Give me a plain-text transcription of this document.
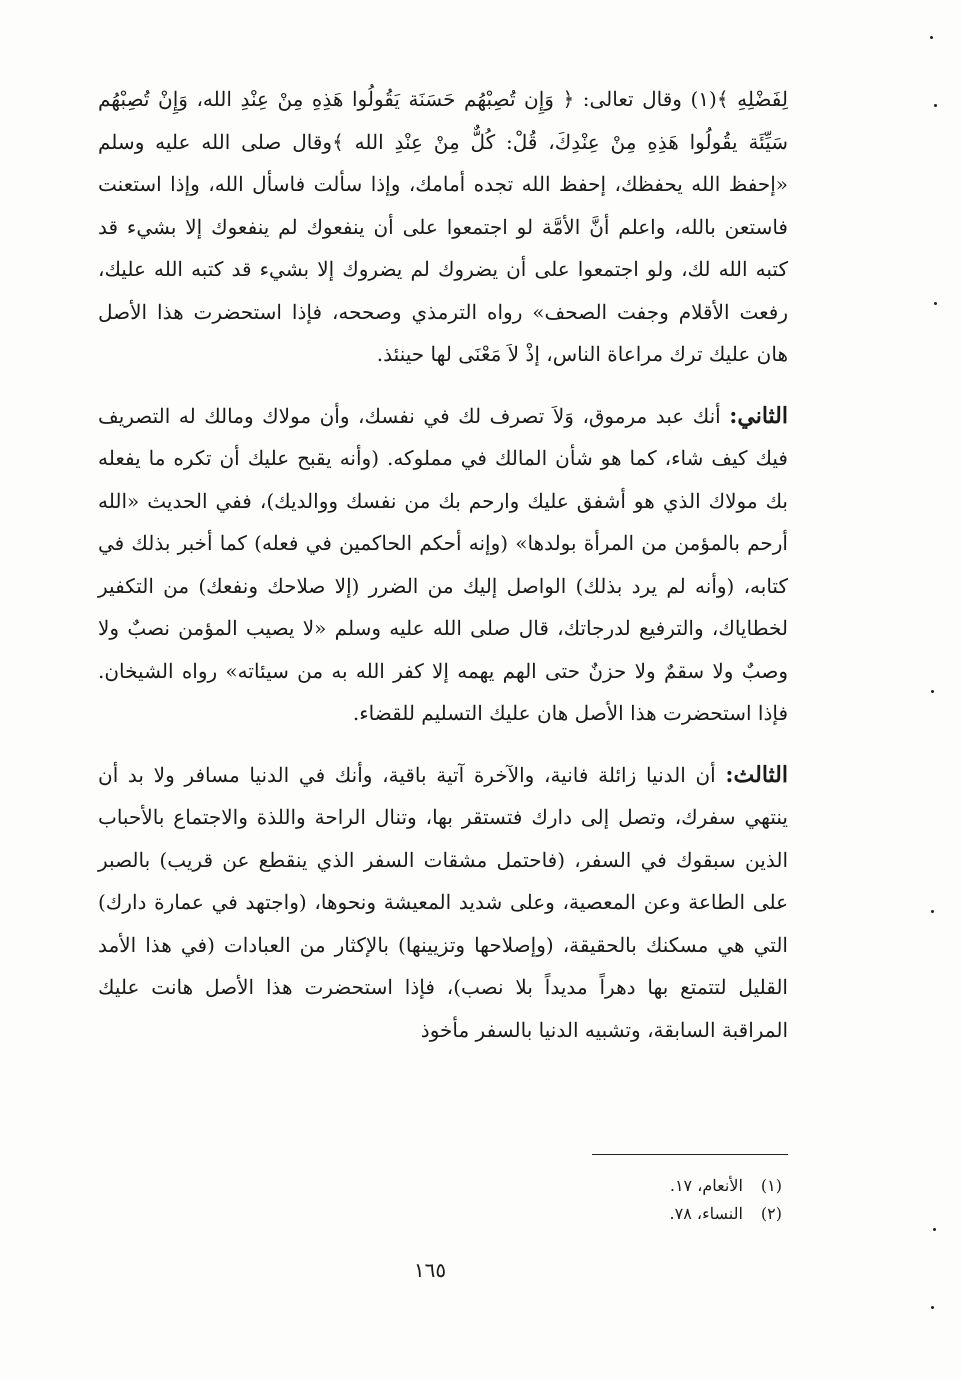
لِفَضْلِهِ ﴾(١) وقال تعالى: ﴿ وَإِن تُصِبْهُم حَسَنَة يَقُولُوا هَذِهِ مِنْ عِنْدِ الله، وَإِنْ تُصِبْهُم سَيِّئَة يقُولُوا هَذِهِ مِنْ عِنْدِكَ، قُلْ: كُلٌّ مِنْ عِنْدِ الله ﴾وقال صلى الله عليه وسلم «إحفظ الله يحفظك، إحفظ الله تجده أمامك، وإذا سألت فاسأل الله، وإذا استعنت فاستعن بالله، واعلم أنَّ الأمَّة لو اجتمعوا على أن ينفعوك لم ينفعوك إلا بشيء قد كتبه الله لك، ولو اجتمعوا على أن يضروك لم يضروك إلا بشيء قد كتبه الله عليك، رفعت الأقلام وجفت الصحف» رواه الترمذي وصححه، فإذا استحضرت هذا الأصل هان عليك ترك مراعاة الناس، إذْ لاَ مَعْنَى لها حينئذ.

الثاني: أنك عبد مرموق، وَلاَ تصرف لك في نفسك، وأن مولاك ومالك له التصريف فيك كيف شاء، كما هو شأن المالك في مملوكه. (وأنه يقبح عليك أن تكره ما يفعله بك مولاك الذي هو أشفق عليك وارحم بك من نفسك ووالديك)، ففي الحديث «الله أرحم بالمؤمن من المرأة بولدها» (وإنه أحكم الحاكمين في فعله) كما أخبر بذلك في كتابه، (وأنه لم يرد بذلك) الواصل إليك من الضرر (إلا صلاحك ونفعك) من التكفير لخطاياك، والترفيع لدرجاتك، قال صلى الله عليه وسلم «لا يصيب المؤمن نصبٌ ولا وصبٌ ولا سقمٌ ولا حزنٌ حتى الهم يهمه إلا كفر الله به من سيئاته» رواه الشيخان. فإذا استحضرت هذا الأصل هان عليك التسليم للقضاء.

الثالث: أن الدنيا زائلة فانية، والآخرة آتية باقية، وأنك في الدنيا مسافر ولا بد أن ينتهي سفرك، وتصل إلى دارك فتستقر بها، وتنال الراحة واللذة والاجتماع بالأحباب الذين سبقوك في السفر، (فاحتمل مشقات السفر الذي ينقطع عن قريب) بالصبر على الطاعة وعن المعصية، وعلى شديد المعيشة ونحوها، (واجتهد في عمارة دارك) التي هي مسكنك بالحقيقة، (وإصلاحها وتزيينها) بالإكثار من العبادات (في هذا الأمد القليل لتتمتع بها دهراً مديداً بلا نصب)، فإذا استحضرت هذا الأصل هانت عليك المراقبة السابقة، وتشبيه الدنيا بالسفر مأخوذ

(١)
الأنعام، ١٧.
(٢)
النساء، ٧٨.
١٦٥
